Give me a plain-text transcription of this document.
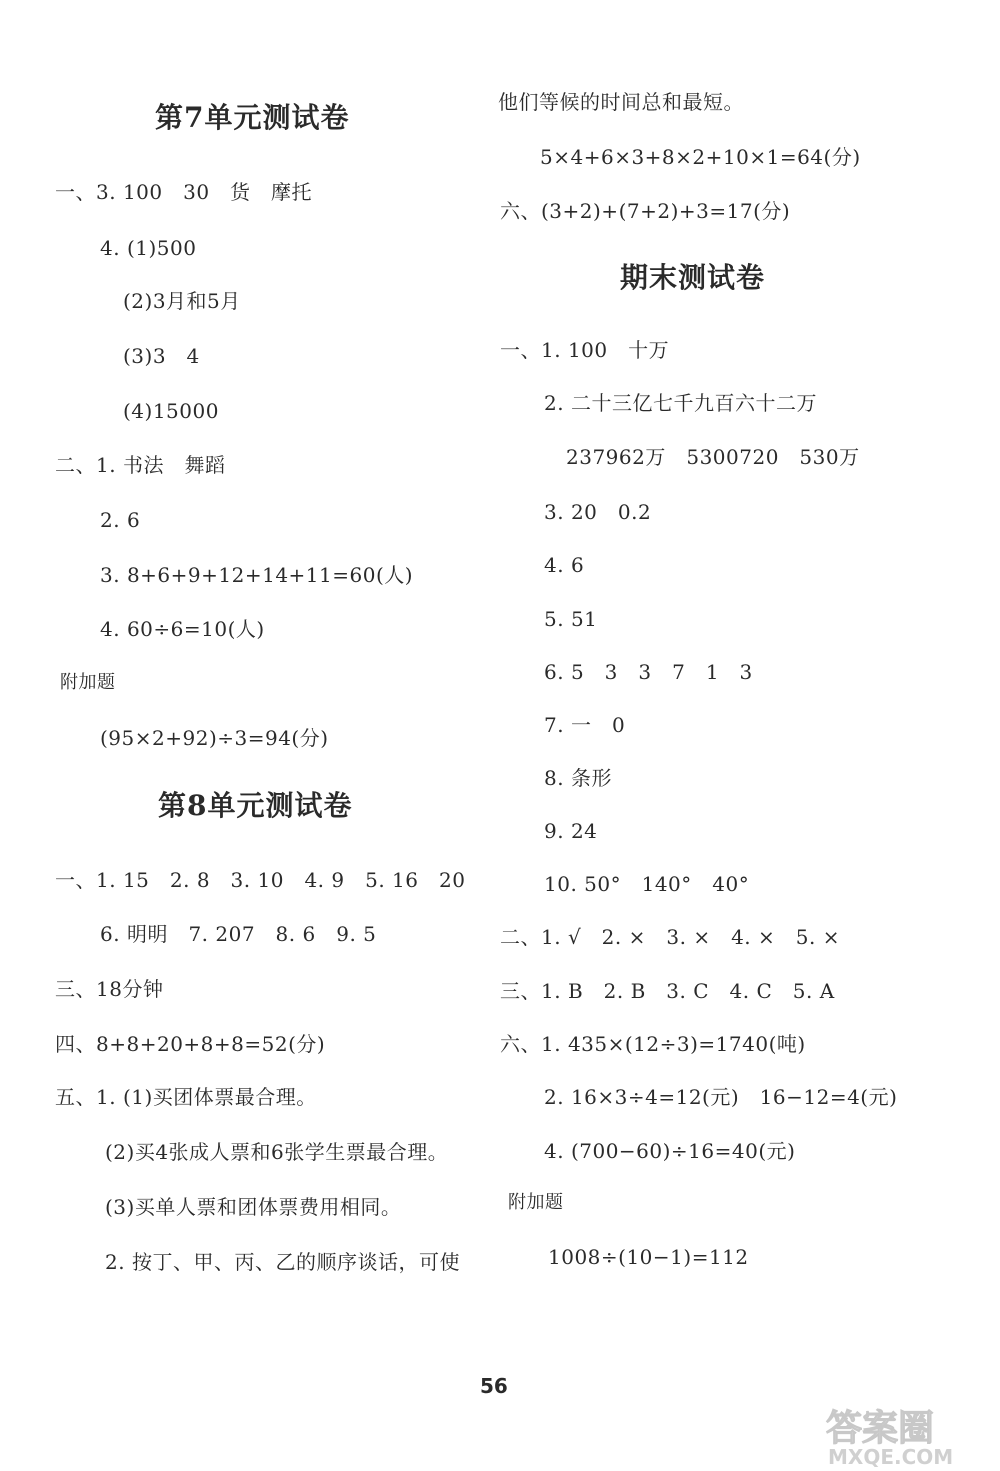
第7单元测试卷
一、3. 100　30　货　摩托
4. (1)500
(2)3月和5月
(3)3　4
(4)15000
二、1. 书法　舞蹈
2. 6
3. 8+6+9+12+14+11=60(人)
4. 60÷6=10(人)
附加题
(95×2+92)÷3=94(分)
第8单元测试卷
一、1. 15　2. 8　3. 10　4. 9　5. 16　20
6. 明明　7. 207　8. 6　9. 5
三、18分钟
四、8+8+20+8+8=52(分)
五、1. (1)买团体票最合理。
(2)买4张成人票和6张学生票最合理。
(3)买单人票和团体票费用相同。
2. 按丁、甲、丙、乙的顺序谈话，可使
他们等候的时间总和最短。
5×4+6×3+8×2+10×1=64(分)
六、(3+2)+(7+2)+3=17(分)
期末测试卷
一、1. 100　十万
2. 二十三亿七千九百六十二万
237962万　5300720　530万
3. 20　0.2
4. 6
5. 51
6. 5　3　3　7　1　3
7. 一　0
8. 条形
9. 24
10. 50°　140°　40°
二、1. √　2. ×　3. ×　4. ×　5. ×
三、1. B　2. B　3. C　4. C　5. A
六、1. 435×(12÷3)=1740(吨)
2. 16×3÷4=12(元)　16−12=4(元)
4. (700−60)÷16=40(元)
附加题
1008÷(10−1)=112
56
答案圈
MXQE.COM
